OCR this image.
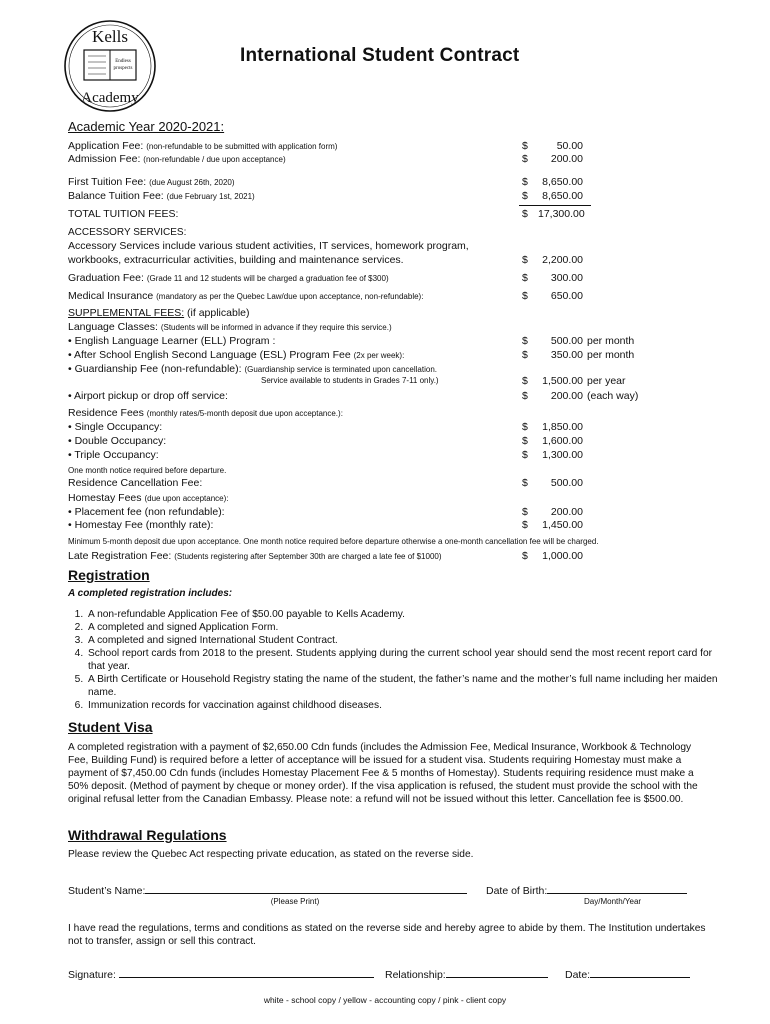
Kells
Endless
prospects
Academy
International Student Contract
Academic Year 2020-2021:
Application Fee: (non-refundable to be submitted with application form)	$	50.00
Admission Fee: (non-refundable / due upon acceptance)	$	200.00
First Tuition Fee: (due August 26th, 2020)	$	8,650.00
Balance Tuition Fee: (due February 1st, 2021)	$	8,650.00
TOTAL TUITION FEES:	$ 17,300.00
ACCESSORY SERVICES:
Accessory Services include various student activities, IT services, homework program,
workbooks, extracurricular activities, building and maintenance services.	$	2,200.00
Graduation Fee: (Grade 11 and 12 students will be charged a graduation fee of $300)	$	300.00
Medical Insurance (mandatory as per the Quebec Law/due upon acceptance, non-refundable):	$	650.00
SUPPLEMENTAL FEES: (if applicable)
Language Classes: (Students will be informed in advance if they require this service.)
• English Language Learner (ELL) Program :	$	500.00 per month
• After School English Second Language (ESL) Program Fee (2x per week):	$	350.00 per month
• Guardianship Fee (non-refundable): (Guardianship service is terminated upon cancellation.
Service available to students in Grades 7-11 only.)	$	1,500.00 per year
• Airport pickup or drop off service:	$	200.00 (each way)
Residence Fees (monthly rates/5-month deposit due upon acceptance.):
• Single Occupancy:	$	1,850.00
• Double Occupancy:	$	1,600.00
• Triple Occupancy:	$	1,300.00
One month notice required before departure.
Residence Cancellation Fee:	$	500.00
Homestay Fees (due upon acceptance):
• Placement fee (non refundable):	$	200.00
• Homestay Fee (monthly rate):	$	1,450.00
Minimum 5-month deposit due upon acceptance. One month notice required before departure otherwise a one-month cancellation fee will be charged.
Late Registration Fee: (Students registering after September 30th are charged a late fee of $1000)	$	1,000.00
Registration
A completed registration includes:
1. A non-refundable Application Fee of $50.00 payable to Kells Academy.
2. A completed and signed Application Form.
3. A completed and signed International Student Contract.
4. School report cards from 2018 to the present. Students applying during the current school year should send the most recent report card for that year.
5. A Birth Certificate or Household Registry stating the name of the student, the father’s name and the mother’s full name including her maiden name.
6. Immunization records for vaccination against childhood diseases.
Student Visa
A completed registration with a payment of $2,650.00 Cdn funds (includes the Admission Fee, Medical Insurance, Workbook & Technology Fee, Building Fund) is required before a letter of acceptance will be issued for a student visa. Students requiring Homestay must make a payment of $7,450.00 Cdn funds (includes Homestay Placement Fee & 5 months of Homestay). Students requiring residence must make a 50% deposit. (Method of payment by cheque or money order). If the visa application is refused, the student must provide the school with the original refusal letter from the Canadian Embassy. Please note: a refund will not be issued without this letter. Cancellation fee is $500.00.
Withdrawal Regulations
Please review the Quebec Act respecting private education, as stated on the reverse side.
Student’s Name:
(Please Print)
Date of Birth:
Day/Month/Year
I have read the regulations, terms and conditions as stated on the reverse side and hereby agree to abide by them. The Institution undertakes not to transfer, assign or sell this contract.
Signature:	Relationship:	Date:
white - school copy / yellow - accounting copy / pink - client copy
